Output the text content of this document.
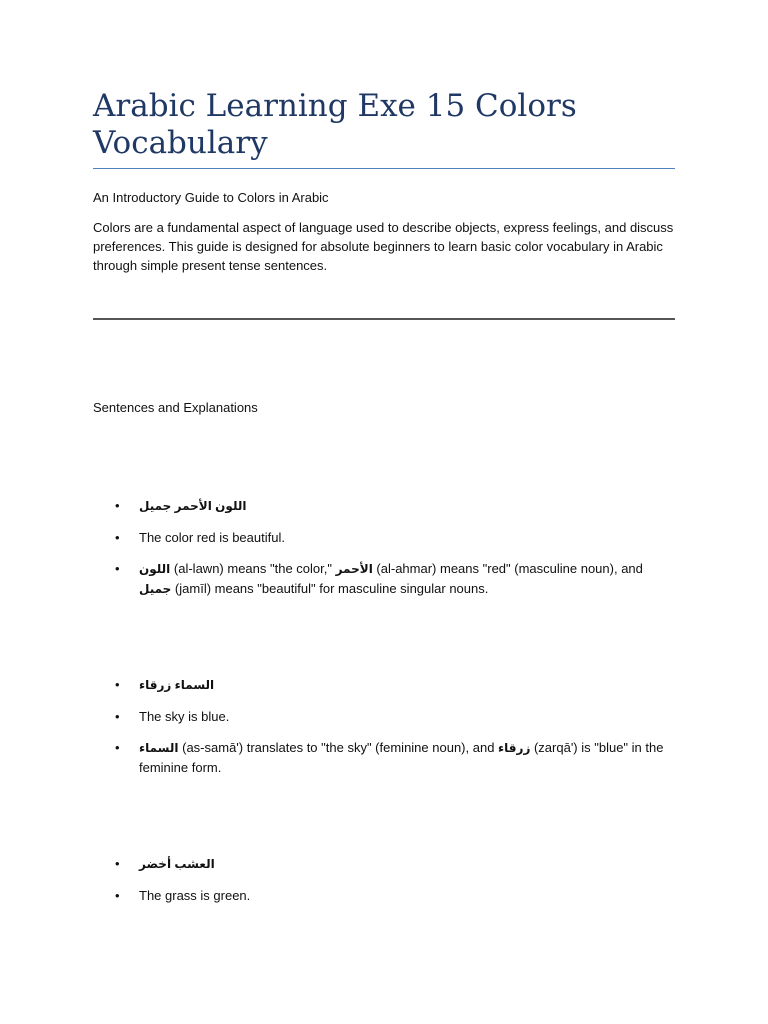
Arabic Learning Exe 15 Colors Vocabulary
An Introductory Guide to Colors in Arabic

Colors are a fundamental aspect of language used to describe objects, express feelings, and discuss preferences. This guide is designed for absolute beginners to learn basic color vocabulary in Arabic through simple present tense sentences.

Sentences and Explanations
• اللون الأحمر جميل
• The color red is beautiful.
• اللون (al-lawn) means "the color," الأحمر (al-ahmar) means "red" (masculine noun), and جميل (jamīl) means "beautiful" for masculine singular nouns.
• السماء زرقاء
• The sky is blue.
• السماء (as-samā') translates to "the sky" (feminine noun), and زرقاء (zarqā') is "blue" in the feminine form.
• العشب أخضر
• The grass is green.
